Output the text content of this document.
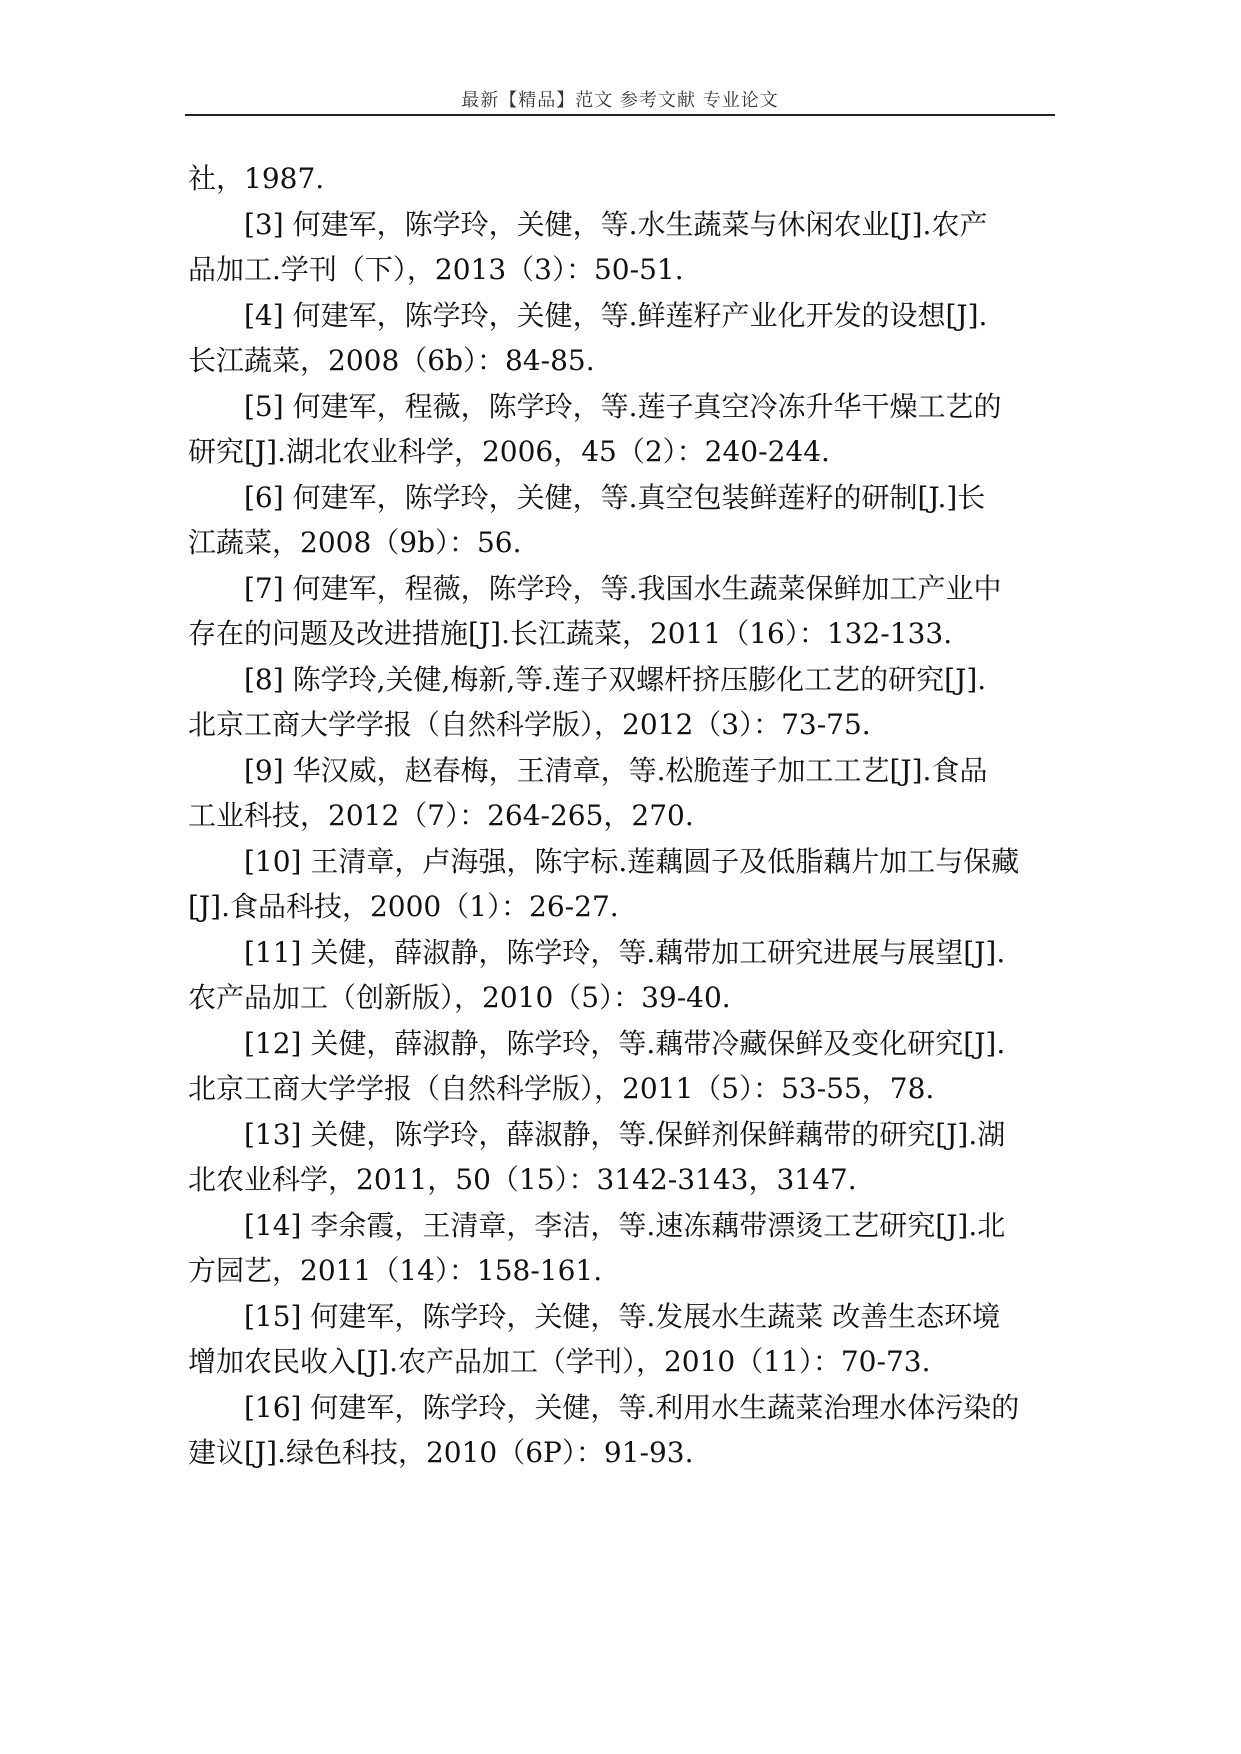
最新【精品】范文 参考文献 专业论文
社，1987.
[3] 何建军，陈学玲，关健，等.水生蔬菜与休闲农业[J].农产
品加工.学刊（下），2013（3）：50-51.
[4] 何建军，陈学玲，关健，等.鲜莲籽产业化开发的设想[J].
长江蔬菜，2008（6b）：84-85.
[5] 何建军，程薇，陈学玲，等.莲子真空冷冻升华干燥工艺的
研究[J].湖北农业科学，2006，45（2）：240-244.
[6] 何建军，陈学玲，关健，等.真空包装鲜莲籽的研制[J.]长
江蔬菜，2008（9b）：56.
[7] 何建军，程薇，陈学玲，等.我国水生蔬菜保鲜加工产业中
存在的问题及改进措施[J].长江蔬菜，2011（16）：132-133.
[8] 陈学玲,关健,梅新,等.莲子双螺杆挤压膨化工艺的研究[J].
北京工商大学学报（自然科学版），2012（3）：73-75.
[9] 华汉威，赵春梅，王清章，等.松脆莲子加工工艺[J].食品
工业科技，2012（7）：264-265，270.
[10] 王清章，卢海强，陈宇标.莲藕圆子及低脂藕片加工与保藏
[J].食品科技，2000（1）：26-27.
[11] 关健，薛淑静，陈学玲，等.藕带加工研究进展与展望[J].
农产品加工（创新版），2010（5）：39-40.
[12] 关健，薛淑静，陈学玲，等.藕带冷藏保鲜及变化研究[J].
北京工商大学学报（自然科学版），2011（5）：53-55，78.
[13] 关健，陈学玲，薛淑静，等.保鲜剂保鲜藕带的研究[J].湖
北农业科学，2011，50（15）：3142-3143，3147.
[14] 李余霞，王清章，李洁，等.速冻藕带漂烫工艺研究[J].北
方园艺，2011（14）：158-161.
[15] 何建军，陈学玲，关健，等.发展水生蔬菜 改善生态环境
增加农民收入[J].农产品加工（学刊），2010（11）：70-73.
[16] 何建军，陈学玲，关健，等.利用水生蔬菜治理水体污染的
建议[J].绿色科技，2010（6P）：91-93.
